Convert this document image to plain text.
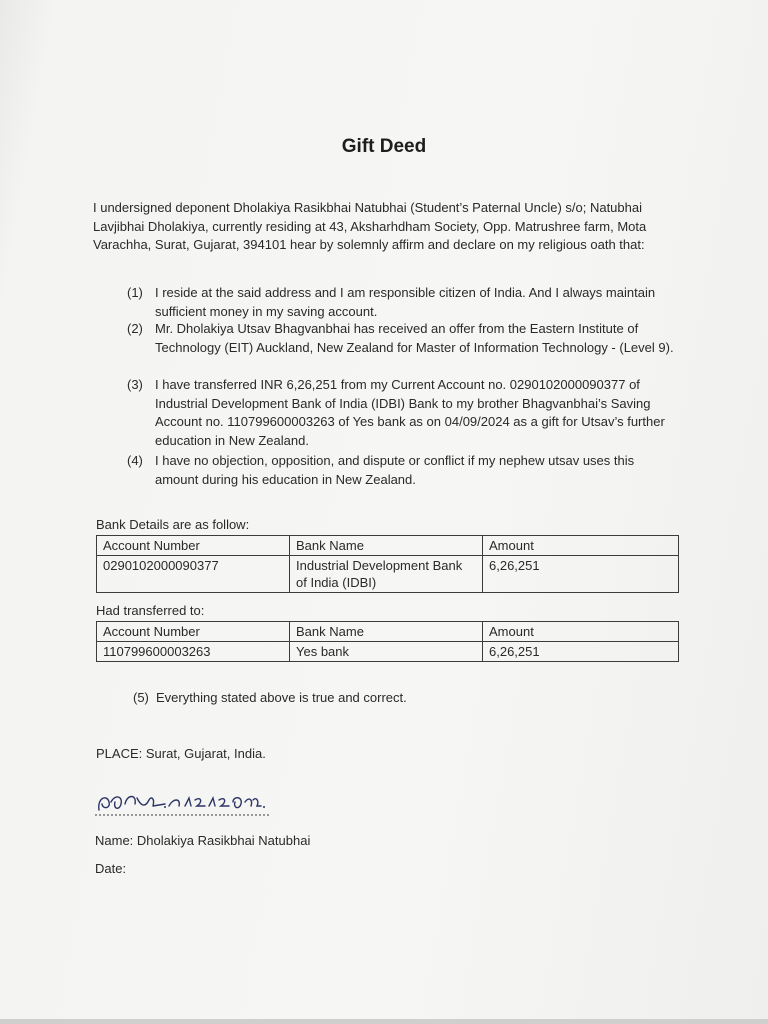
Gift Deed
I undersigned deponent Dholakiya Rasikbhai Natubhai (Student’s Paternal Uncle) s/o; Natubhai Lavjibhai Dholakiya, currently residing at 43, Aksharhdham Society, Opp. Matrushree farm, Mota Varachha, Surat, Gujarat, 394101 hear by solemnly affirm and declare on my religious oath that:
(1) I reside at the said address and I am responsible citizen of India. And I always maintain sufficient money in my saving account.
(2) Mr. Dholakiya Utsav Bhagvanbhai has received an offer from the Eastern Institute of Technology (EIT) Auckland, New Zealand for Master of Information Technology - (Level 9).
(3) I have transferred INR 6,26,251 from my Current Account no. 0290102000090377 of Industrial Development Bank of India (IDBI) Bank to my brother Bhagvanbhai’s Saving Account no. 110799600003263 of Yes bank as on 04/09/2024 as a gift for Utsav’s further education in New Zealand.
(4) I have no objection, opposition, and dispute or conflict if my nephew utsav uses this amount during his education in New Zealand.
Bank Details are as follow:
Account Number	Bank Name	Amount
0290102000090377	Industrial Development Bank of India (IDBI)	6,26,251
Had transferred to:
Account Number	Bank Name	Amount
110799600003263	Yes bank	6,26,251
(5) Everything stated above is true and correct.
PLACE: Surat, Gujarat, India.
Name: Dholakiya Rasikbhai Natubhai
Date:
